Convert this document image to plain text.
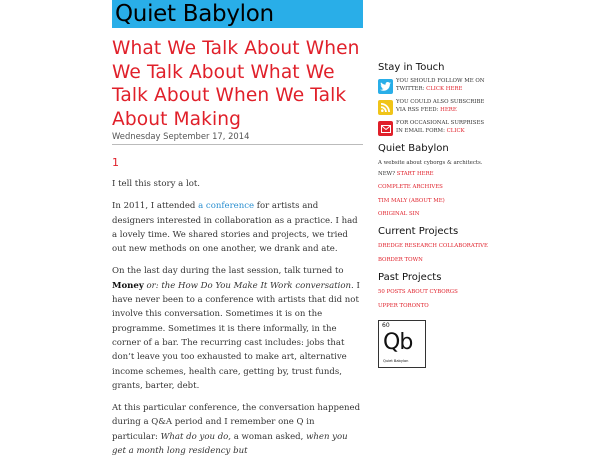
Quiet Babylon
What We Talk About When We Talk About What We Talk About When We Talk About Making
Wednesday September 17, 2014
1

I tell this story a lot.

In 2011, I attended a conference for artists and designers interested in collaboration as a practice. I had a lovely time. We shared stories and projects, we tried out new methods on one another, we drank and ate.

On the last day during the last session, talk turned to Money or: the How Do You Make It Work conversation. I have never been to a conference with artists that did not involve this conversation. Sometimes it is on the programme. Sometimes it is there informally, in the corner of a bar. The recurring cast includes: jobs that don’t leave you too exhausted to make art, alternative income schemes, health care, getting by, trust funds, grants, barter, debt.

At this particular conference, the conversation happened during a Q&A period and I remember one Q in particular: What do you do, a woman asked, when you get a month long residency but

Stay in Touch
YOU SHOULD FOLLOW ME ON TWITTER: CLICK HERE
YOU COULD ALSO SUBSCRIBE VIA RSS FEED: HERE
FOR OCCASIONAL SURPRISES IN EMAIL FORM: CLICK
Quiet Babylon
A website about cyborgs & architects.
NEW? START HERE
COMPLETE ARCHIVES
TIM MALY (ABOUT ME)
ORIGINAL SIN
Current Projects
DREDGE RESEARCH COLLABORATIVE
BORDER TOWN
Past Projects
50 POSTS ABOUT CYBORGS
UPPER TORONTO
60
Qb
Quiet Babylon
